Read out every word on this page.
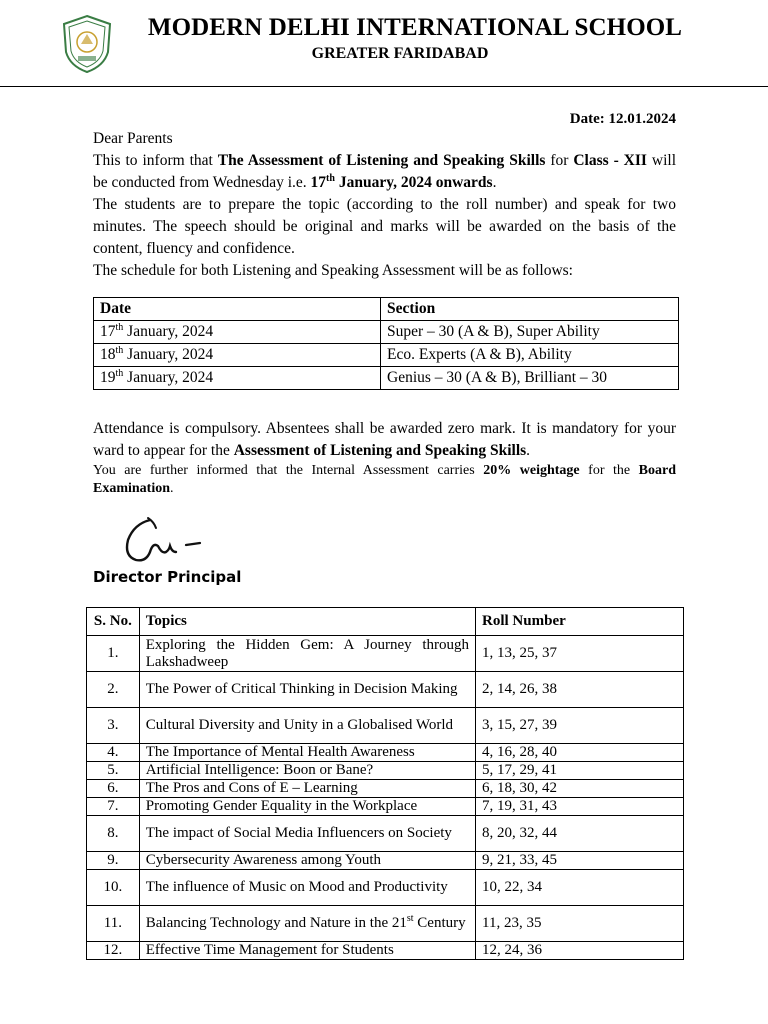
MODERN DELHI INTERNATIONAL SCHOOL
GREATER FARIDABAD
Date: 12.01.2024

Dear Parents

This to inform that The Assessment of Listening and Speaking Skills for Class - XII will be conducted from Wednesday i.e. 17th January, 2024 onwards.

The students are to prepare the topic (according to the roll number) and speak for two minutes. The speech should be original and marks will be awarded on the basis of the content, fluency and confidence.

The schedule for both Listening and Speaking Assessment will be as follows:

Date	Section
17th January, 2024	Super – 30 (A & B), Super Ability
18th January, 2024	Eco. Experts (A & B), Ability
19th January, 2024	Genius – 30 (A & B), Brilliant – 30

Attendance is compulsory. Absentees shall be awarded zero mark. It is mandatory for your ward to appear for the Assessment of Listening and Speaking Skills.

You are further informed that the Internal Assessment carries 20% weightage for the Board Examination.

Director Principal
S. No.	Topics	Roll Number
1.	Exploring the Hidden Gem: A Journey through Lakshadweep	1, 13, 25, 37
2.	The Power of Critical Thinking in Decision Making	2, 14, 26, 38
3.	Cultural Diversity and Unity in a Globalised World	3, 15, 27, 39
4.	The Importance of Mental Health Awareness	4, 16, 28, 40
5.	Artificial Intelligence: Boon or Bane?	5, 17, 29, 41
6.	The Pros and Cons of E – Learning	6, 18, 30, 42
7.	Promoting Gender Equality in the Workplace	7, 19, 31, 43
8.	The impact of Social Media Influencers on Society	8, 20, 32, 44
9.	Cybersecurity Awareness among Youth	9, 21, 33, 45
10.	The influence of Music on Mood and Productivity	10, 22, 34
11.	Balancing Technology and Nature in the 21st Century	11, 23, 35
12.	Effective Time Management for Students	12, 24, 36
